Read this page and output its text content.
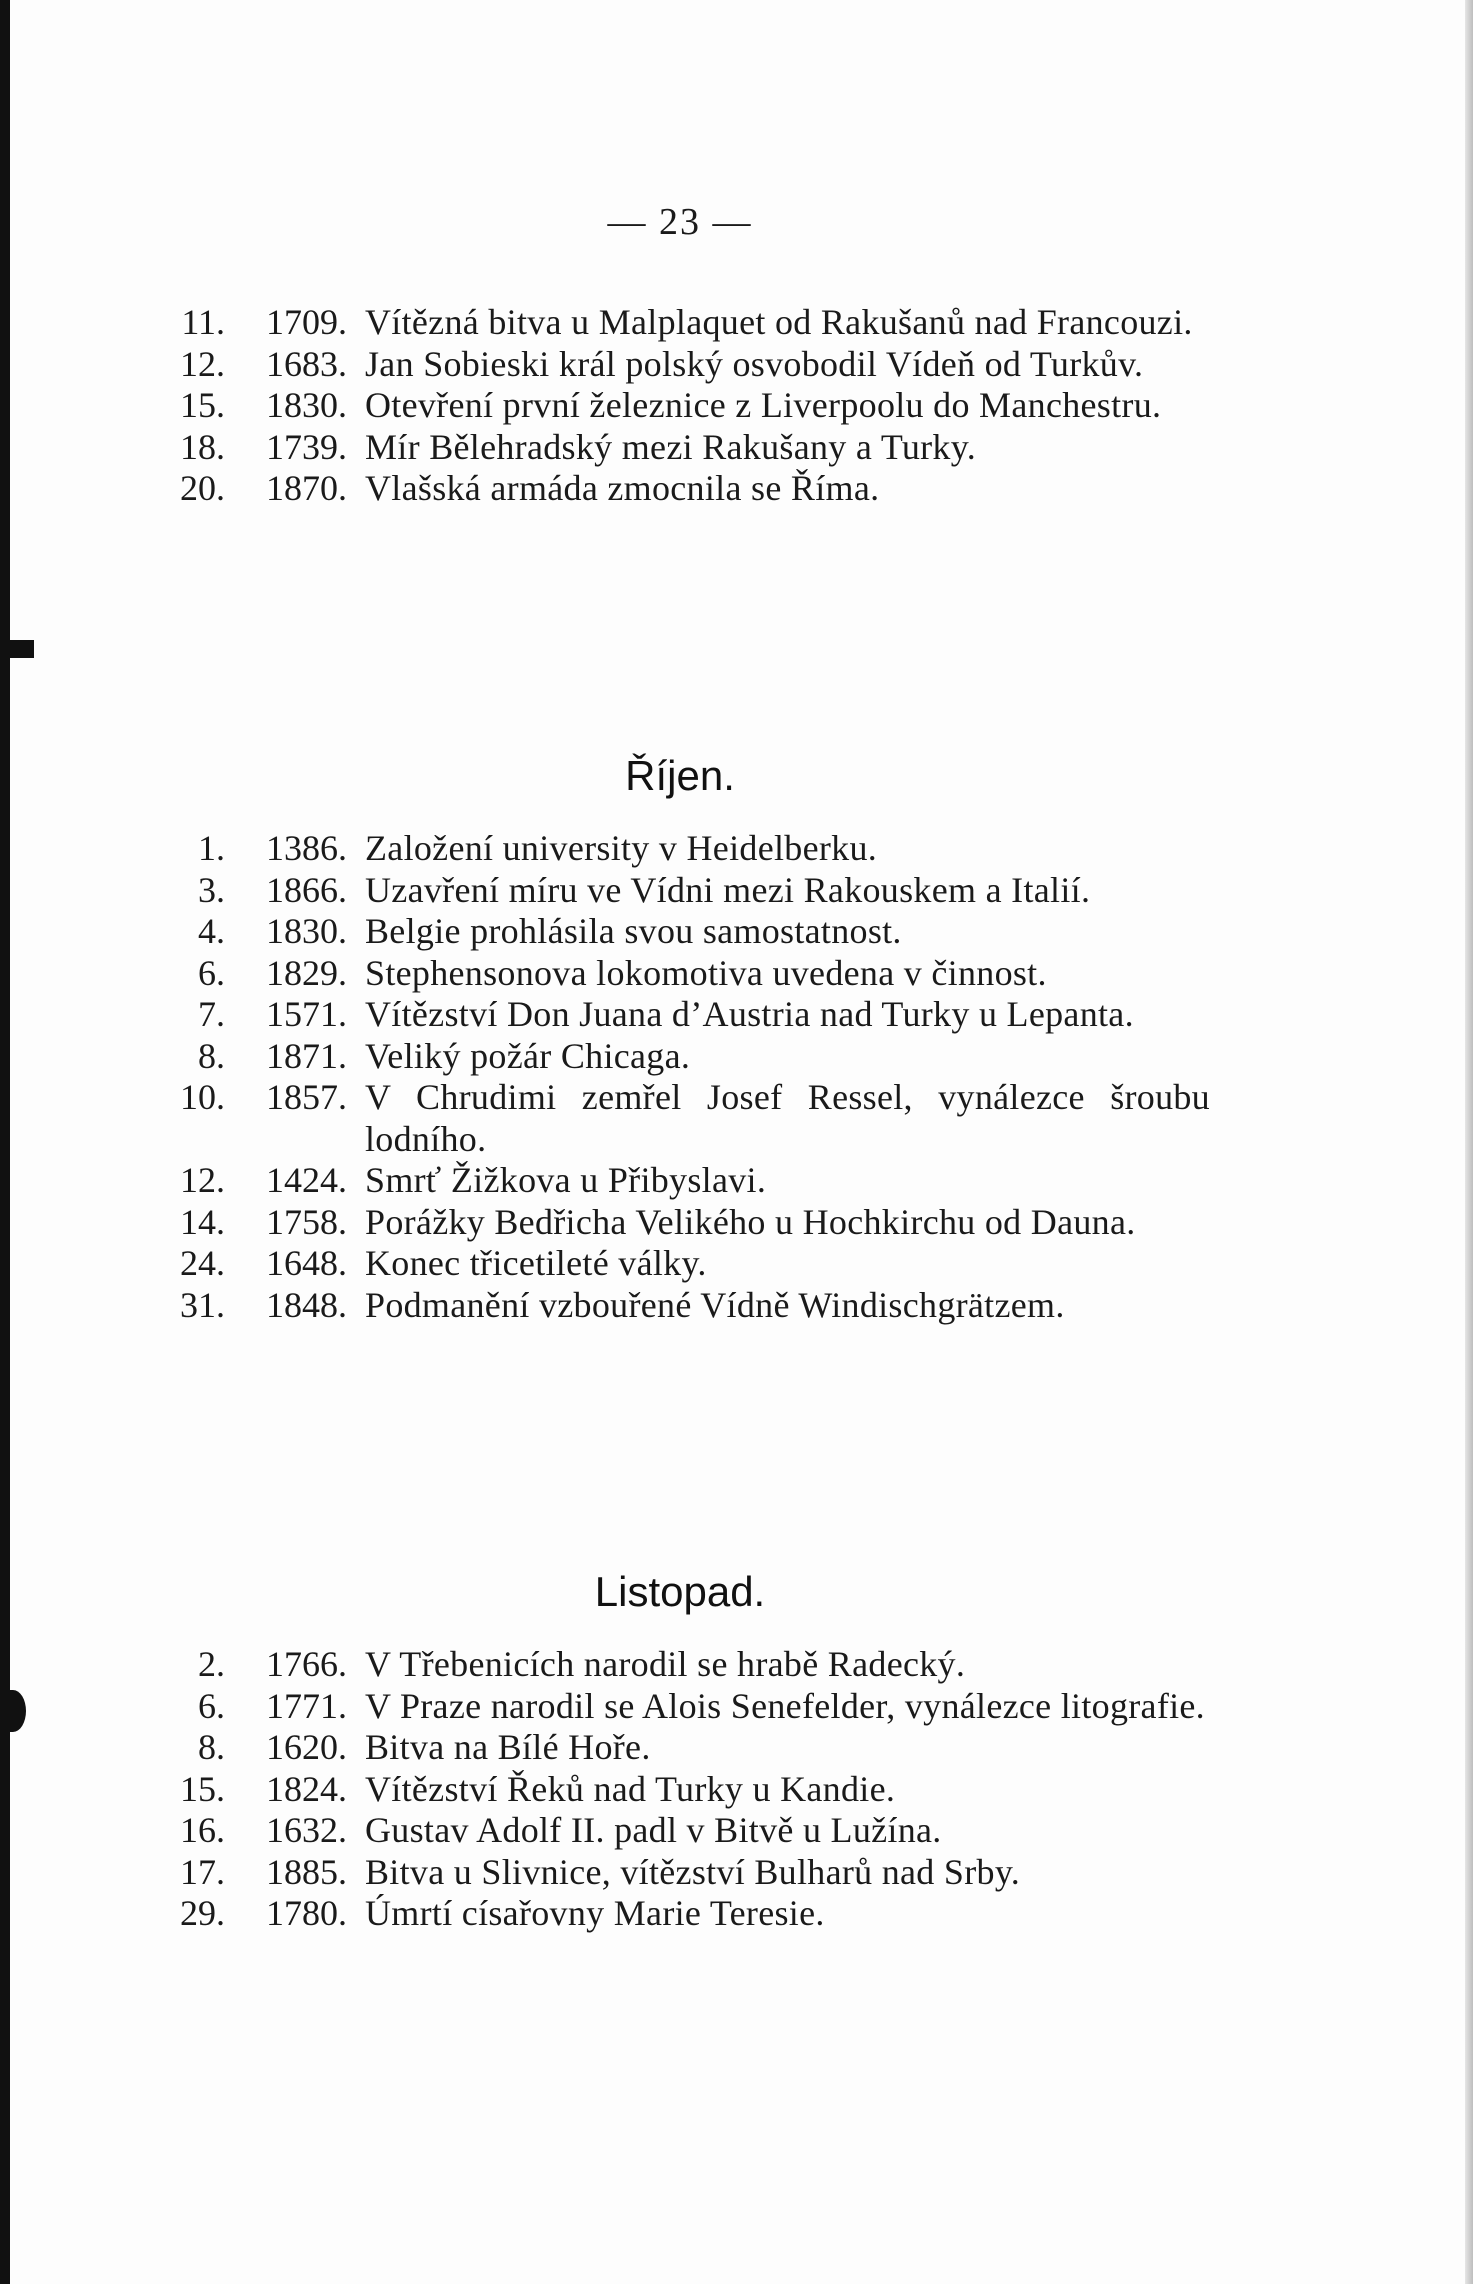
— 23 —
11.	1709. Vítězná bitva u Malplaquet od Rakušanů nad Francouzi.
12.	1683. Jan Sobieski král polský osvobodil Vídeň od Turkův.
15.	1830. Otevření první železnice z Liverpoolu do Manchestru.
18.	1739. Mír Bělehradský mezi Rakušany a Turky.
20.	1870. Vlašská armáda zmocnila se Říma.
Říjen.
1.	1386. Založení university v Heidelberku.
3.	1866. Uzavření míru ve Vídni mezi Rakouskem a Italií.
4.	1830. Belgie prohlásila svou samostatnost.
6.	1829. Stephensonova lokomotiva uvedena v činnost.
7.	1571. Vítězství Don Juana d’Austria nad Turky u Lepanta.
8.	1871. Veliký požár Chicaga.
10.	1857. V Chrudimi zemřel Josef Ressel, vynálezce šroubu lodního.
12.	1424. Smrť Žižkova u Přibyslavi.
14.	1758. Porážky Bedřicha Velikého u Hochkirchu od Dauna.
24.	1648. Konec třicetileté války.
31.	1848. Podmanění vzbouřené Vídně Windischgrätzem.
Listopad.
2.	1766. V Třebenicích narodil se hrabě Radecký.
6.	1771. V Praze narodil se Alois Senefelder, vynálezce litografie.
8.	1620. Bitva na Bílé Hoře.
15.	1824. Vítězství Řeků nad Turky u Kandie.
16.	1632. Gustav Adolf II. padl v Bitvě u Lužína.
17.	1885. Bitva u Slivnice, vítězství Bulharů nad Srby.
29.	1780. Úmrtí císařovny Marie Teresie.
